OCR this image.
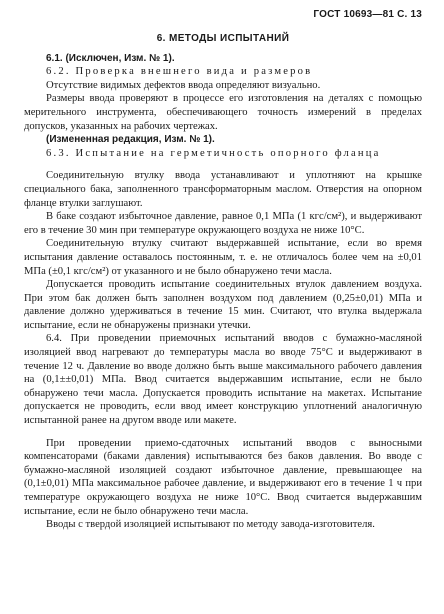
ГОСТ 10693—81 С. 13
6. МЕТОДЫ ИСПЫТАНИЙ

6.1. (Исключен, Изм. № 1).

6.2. Проверка внешнего вида и размеров

Отсутствие видимых дефектов ввода определяют визуально.

Размеры ввода проверяют в процессе его изготовления на деталях с помощью мерительного инструмента, обеспечивающего точность измерений в пределах допусков, указанных на рабочих чертежах.

(Измененная редакция, Изм. № 1).

6.3. Испытание на герметичность опорного фланца

Соединительную втулку ввода устанавливают и уплотняют на крышке специального бака, заполненного трансформаторным маслом. Отверстия на опорном фланце втулки заглушают.

В баке создают избыточное давление, равное 0,1 МПа (1 кгс/см²), и выдерживают его в течение 30 мин при температуре окружающего воздуха не ниже 10°С.

Соединительную втулку считают выдержавшей испытание, если во время испытания давление оставалось постоянным, т. е. не отличалось более чем на ±0,01 МПа (±0,1 кгс/см²) от указанного и не было обнаружено течи масла.

Допускается проводить испытание соединительных втулок давлением воздуха. При этом бак должен быть заполнен воздухом под давлением (0,25±0,01) МПа и давление должно удерживаться в течение 15 мин. Считают, что втулка выдержала испытание, если не обнаружены признаки утечки.

6.4. При проведении приемочных испытаний вводов с бумажно-масляной изоляцией ввод нагревают до температуры масла во вводе 75°С и выдерживают в течение 12 ч. Давление во вводе должно быть выше максимального рабочего давления на (0,1±±0,01) МПа. Ввод считается выдержавшим испытание, если не было обнаружено течи масла. Допускается проводить испытание на макетах. Испытание допускается не проводить, если ввод имеет конструкцию уплотнений аналогичную испытанной ранее на другом вводе или макете.

При проведении приемо-сдаточных испытаний вводов с выносными компенсаторами (баками давления) испытываются без баков давления. Во вводе с бумажно-масляной изоляцией создают избыточное давление, превышающее на (0,1±0,01) МПа максимальное рабочее давление, и выдерживают его в течение 1 ч при температуре окружающего воздуха не ниже 10°С. Ввод считается выдержавшим испытание, если не было обнаружено течи масла.

Вводы с твердой изоляцией испытывают по методу завода-изготовителя.
